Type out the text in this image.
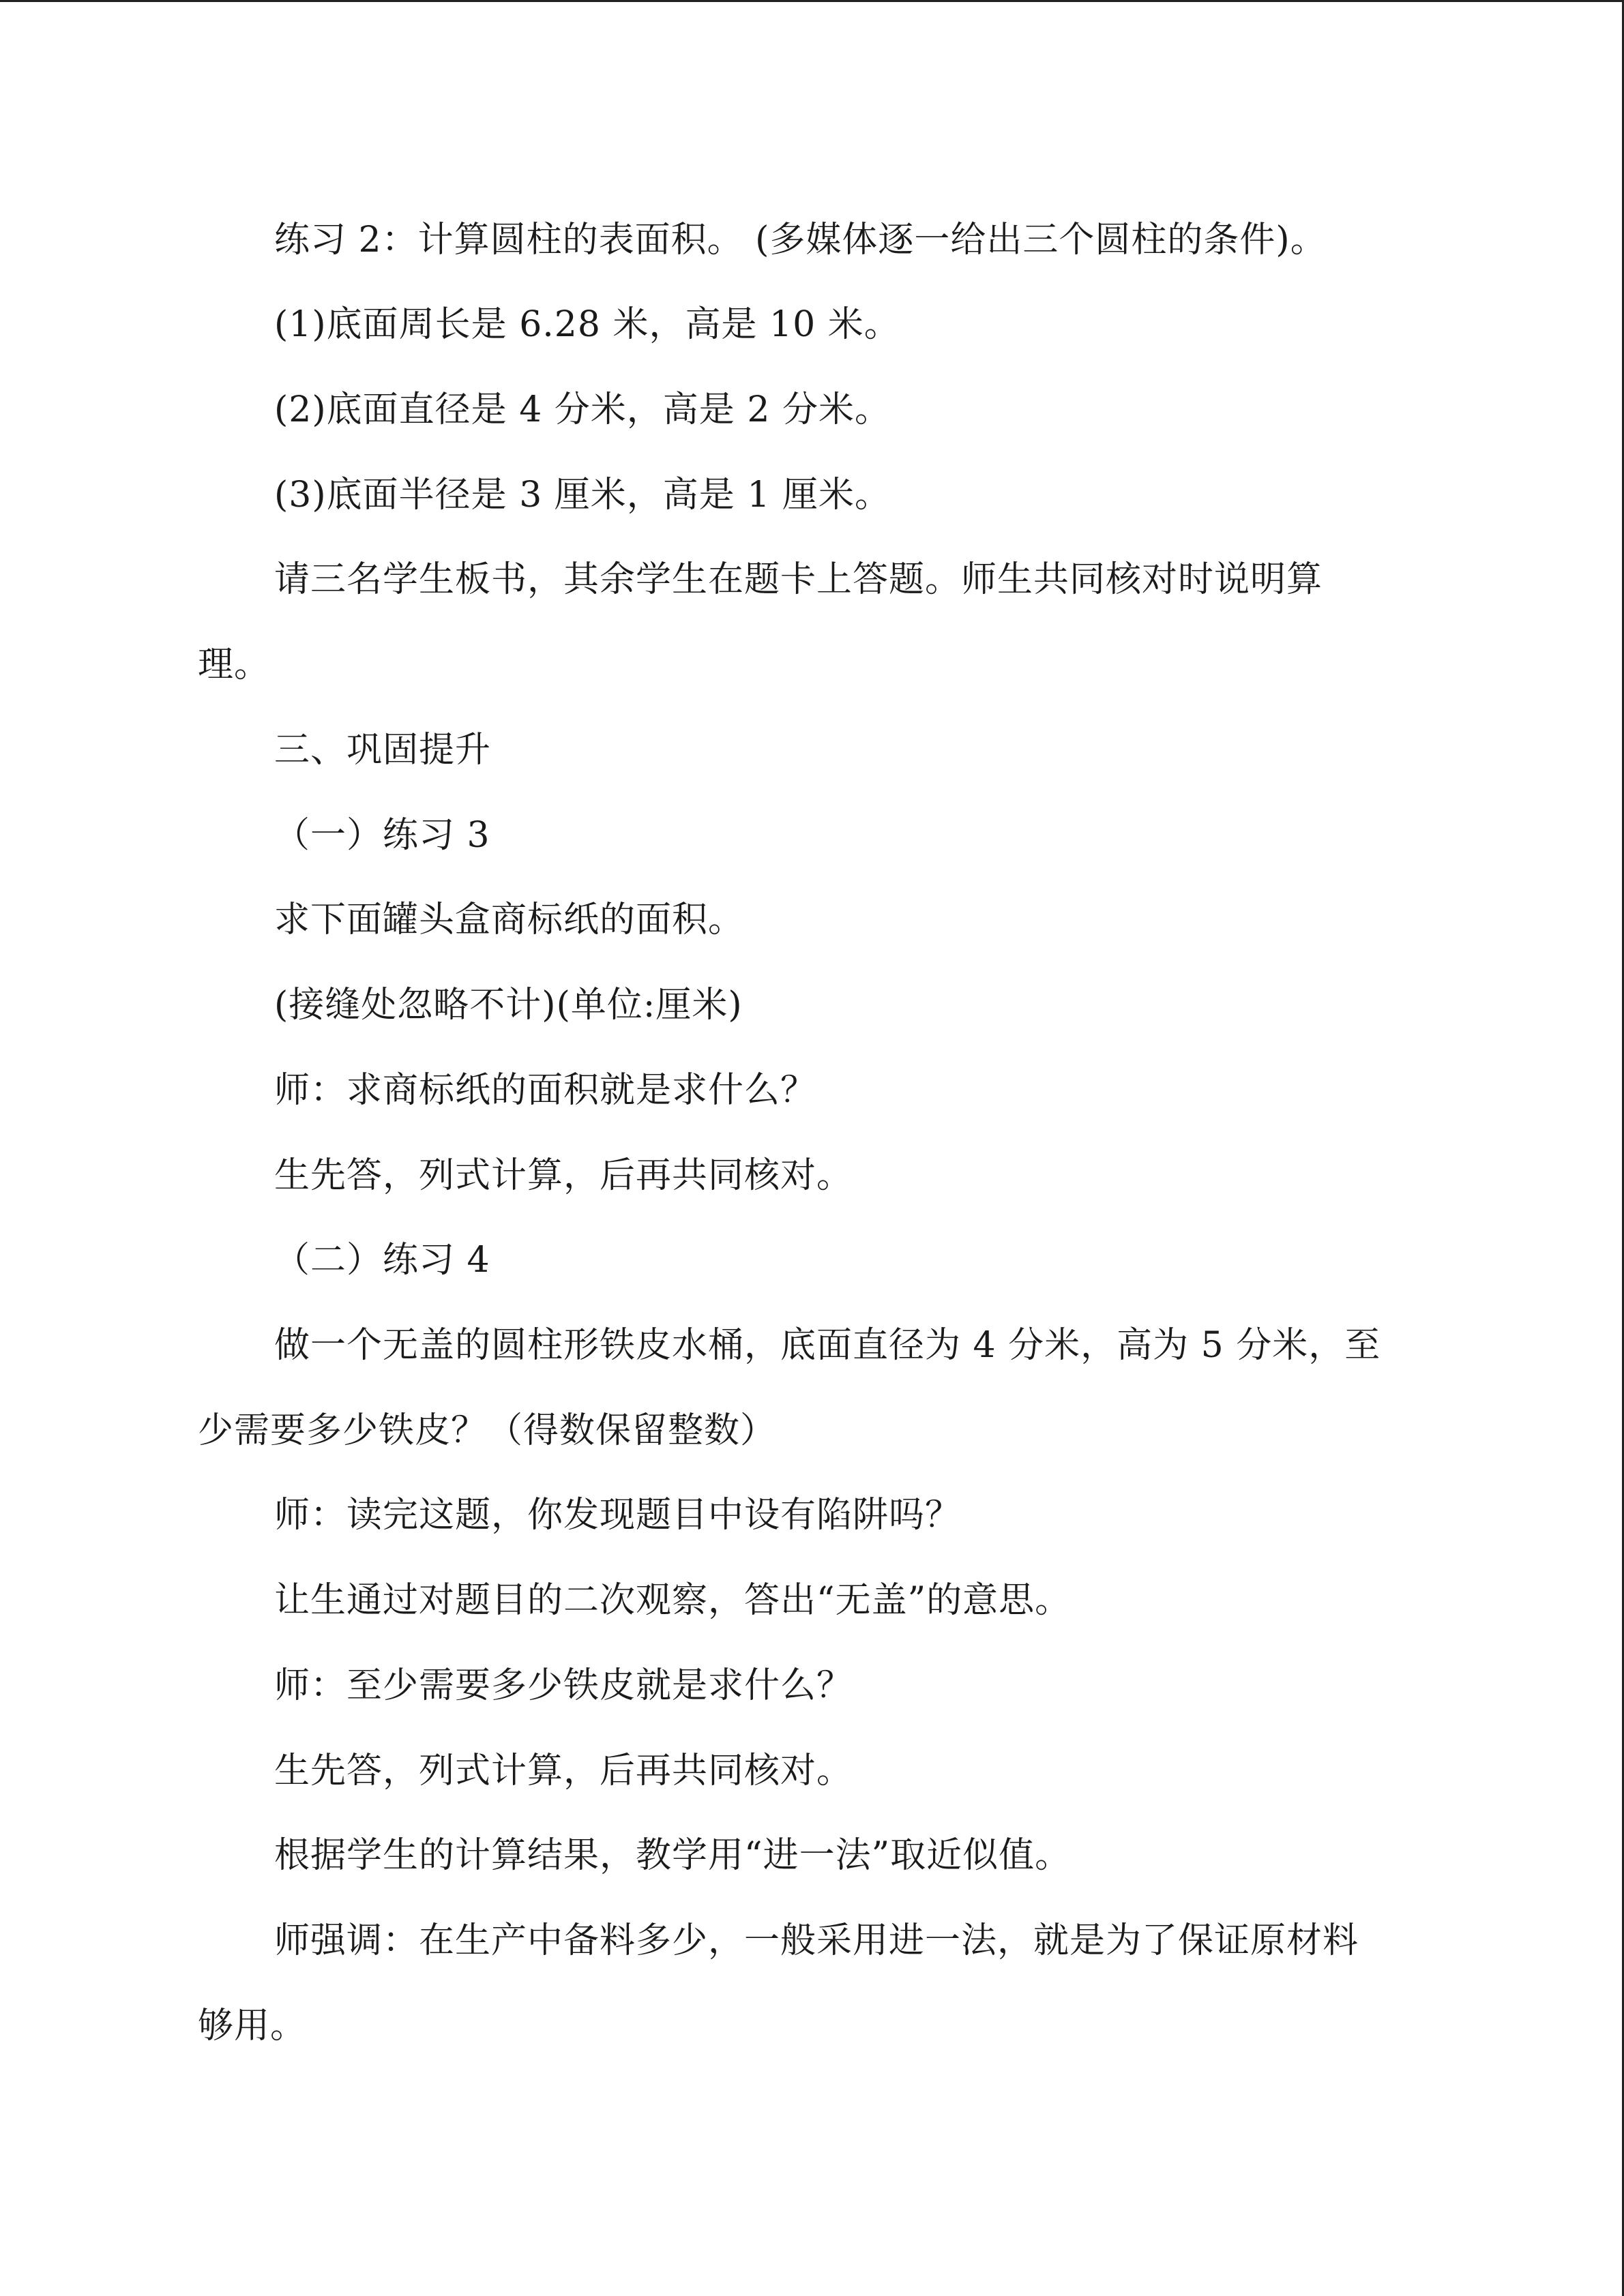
练习 2：计算圆柱的表面积。 (多媒体逐一给出三个圆柱的条件)。
(1)底面周长是 6.28 米，高是 10 米。
(2)底面直径是 4 分米，高是 2 分米。
(3)底面半径是 3 厘米，高是 1 厘米。
请三名学生板书，其余学生在题卡上答题。师生共同核对时说明算
理。
三、巩固提升
（一）练习 3
求下面罐头盒商标纸的面积。
(接缝处忽略不计)(单位:厘米)
师：求商标纸的面积就是求什么？
生先答，列式计算，后再共同核对。
（二）练习 4
做一个无盖的圆柱形铁皮水桶，底面直径为 4 分米，高为 5 分米，至
少需要多少铁皮？（得数保留整数）
师：读完这题，你发现题目中设有陷阱吗？
让生通过对题目的二次观察，答出“无盖”的意思。
师：至少需要多少铁皮就是求什么？
生先答，列式计算，后再共同核对。
根据学生的计算结果，教学用“进一法”取近似值。
师强调：在生产中备料多少，一般采用进一法，就是为了保证原材料
够用。
